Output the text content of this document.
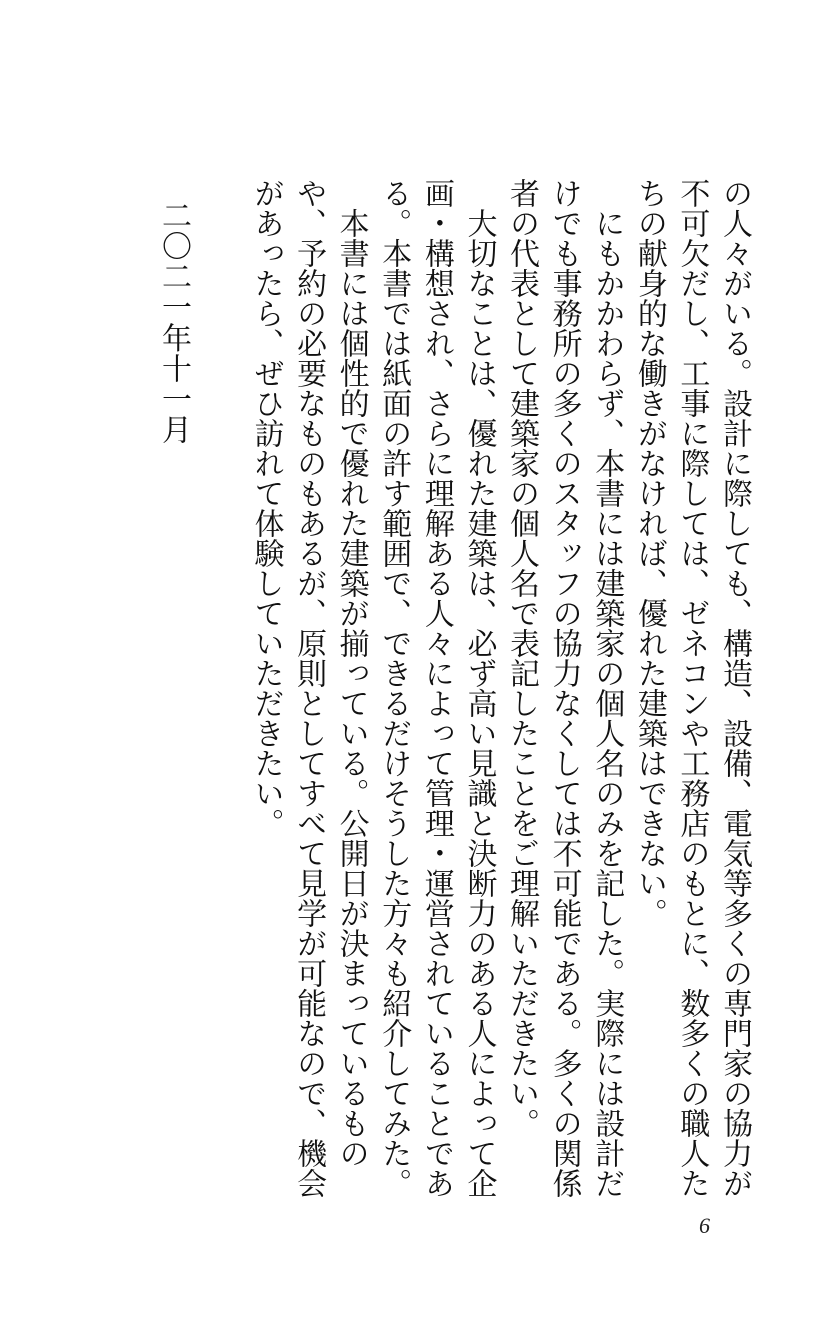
の人々がいる。設計に際しても、構造、設備、電気等多くの専門家の協力が不可欠だし、工事に際しては、ゼネコンや工務店のもとに、数多くの職人たちの献身的な働きがなければ、優れた建築はできない。

にもかかわらず、本書には建築家の個人名のみを記した。実際には設計だけでも事務所の多くのスタッフの協力なくしては不可能である。多くの関係者の代表として建築家の個人名で表記したことをご理解いただきたい。

大切なことは、優れた建築は、必ず高い見識と決断力のある人によって企画・構想され、さらに理解ある人々によって管理・運営されていることである。本書では紙面の許す範囲で、できるだけそうした方々も紹介してみた。

本書には個性的で優れた建築が揃っている。公開日が決まっているものや、予約の必要なものもあるが、原則としてすべて見学が可能なので、機会があったら、ぜひ訪れて体験していただきたい。

二〇二一年十一月

6
